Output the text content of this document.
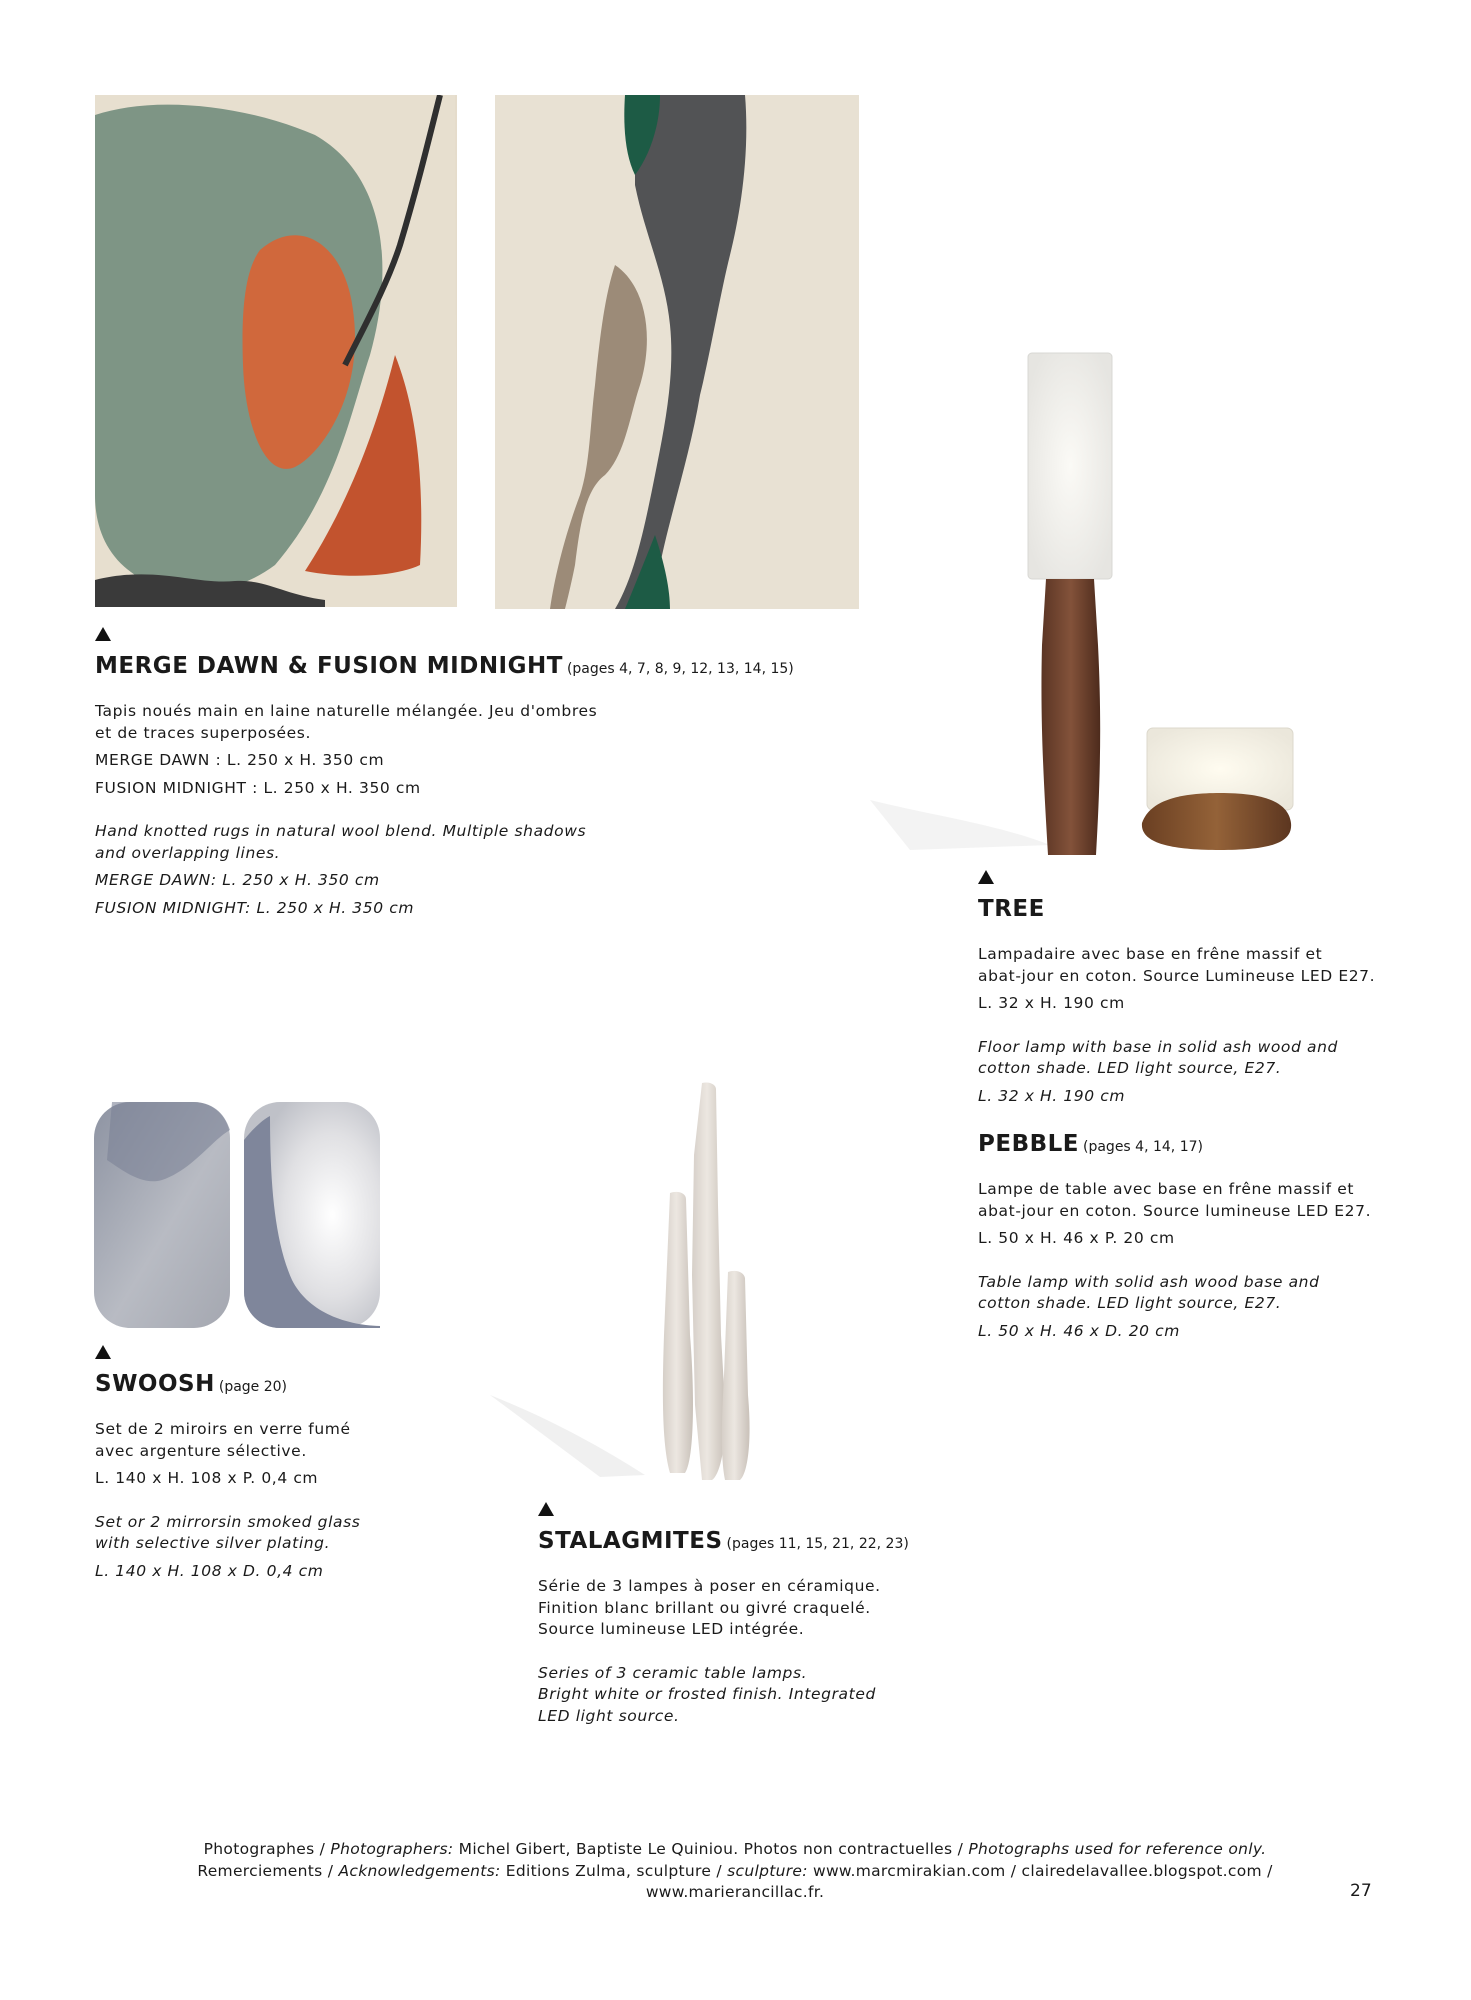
MERGE DAWN & FUSION MIDNIGHT (pages 4, 7, 8, 9, 12, 13, 14, 15)

Tapis noués main en laine naturelle mélangée. Jeu d'ombres

et de traces superposées.

MERGE DAWN : L. 250 x H. 350 cm

FUSION MIDNIGHT : L. 250 x H. 350 cm

Hand knotted rugs in natural wool blend. Multiple shadows

and overlapping lines.

MERGE DAWN: L. 250 x H. 350 cm

FUSION MIDNIGHT: L. 250 x H. 350 cm	TREE

Lampadaire avec base en frêne massif et

abat-jour en coton. Source Lumineuse LED E27.

L. 32 x H. 190 cm

Floor lamp with base in solid ash wood and

cotton shade. LED light source, E27.

L. 32 x H. 190 cm

PEBBLE (pages 4, 14, 17)

Lampe de table avec base en frêne massif et

abat-jour en coton. Source lumineuse LED E27.

L. 50 x H. 46 x P. 20 cm

Table lamp with solid ash wood base and

cotton shade. LED light source, E27.

L. 50 x H. 46 x D. 20 cm

SWOOSH (page 20)

Set de 2 miroirs en verre fumé

avec argenture sélective.

L. 140 x H. 108 x P. 0,4 cm

Set or 2 mirrorsin smoked glass

with selective silver plating.

L. 140 x H. 108 x D. 0,4 cm

STALAGMITES (pages 11, 15, 21, 22, 23)

Série de 3 lampes à poser en céramique.

Finition blanc brillant ou givré craquelé.

Source lumineuse LED intégrée.

Series of 3 ceramic table lamps.

Bright white or frosted finish. Integrated

LED light source.

Photographes / Photographers: Michel Gibert, Baptiste Le Quiniou. Photos non contractuelles / Photographs used for reference only.
Remerciements / Acknowledgements: Editions Zulma, sculpture / sculpture: www.marcmirakian.com / clairedelavallee.blogspot.com /
www.marierancillac.fr.	27
